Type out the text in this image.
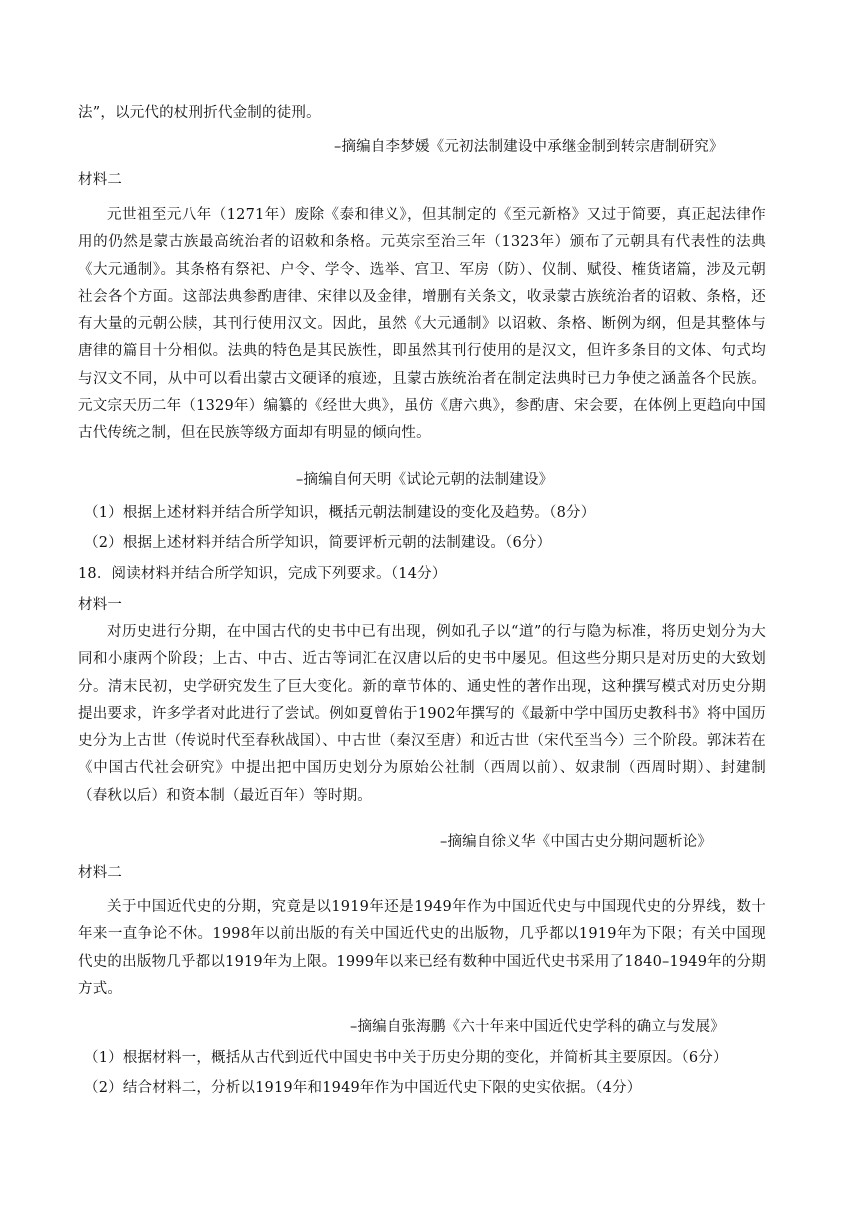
法”，以元代的杖刑折代金制的徒刑。
–摘编自李梦媛《元初法制建设中承继金制到转宗唐制研究》
材料二
元世祖至元八年（1271年）废除《泰和律义》，但其制定的《至元新格》又过于简要，真正起法律作用的仍然是蒙古族最高统治者的诏敕和条格。元英宗至治三年（1323年）颁布了元朝具有代表性的法典《大元通制》。其条格有祭祀、户令、学令、选举、宫卫、军房（防）、仪制、赋役、榷货诸篇，涉及元朝社会各个方面。这部法典参酌唐律、宋律以及金律，增删有关条文，收录蒙古族统治者的诏敕、条格，还有大量的元朝公牍，其刊行使用汉文。因此，虽然《大元通制》以诏敕、条格、断例为纲，但是其整体与唐律的篇目十分相似。法典的特色是其民族性，即虽然其刊行使用的是汉文，但许多条目的文体、句式均与汉文不同，从中可以看出蒙古文硬译的痕迹，且蒙古族统治者在制定法典时已力争使之涵盖各个民族。元文宗天历二年（1329年）编纂的《经世大典》，虽仿《唐六典》，参酌唐、宋会要，在体例上更趋向中国古代传统之制，但在民族等级方面却有明显的倾向性。
–摘编自何天明《试论元朝的法制建设》
（1）根据上述材料并结合所学知识，概括元朝法制建设的变化及趋势。（8分）
（2）根据上述材料并结合所学知识，简要评析元朝的法制建设。（6分）
18．阅读材料并结合所学知识，完成下列要求。（14分）
材料一
对历史进行分期，在中国古代的史书中已有出现，例如孔子以“道”的行与隐为标准，将历史划分为大同和小康两个阶段；上古、中古、近古等词汇在汉唐以后的史书中屡见。但这些分期只是对历史的大致划分。清末民初，史学研究发生了巨大变化。新的章节体的、通史性的著作出现，这种撰写模式对历史分期提出要求，许多学者对此进行了尝试。例如夏曾佑于1902年撰写的《最新中学中国历史教科书》将中国历史分为上古世（传说时代至春秋战国）、中古世（秦汉至唐）和近古世（宋代至当今）三个阶段。郭沫若在《中国古代社会研究》中提出把中国历史划分为原始公社制（西周以前）、奴隶制（西周时期）、封建制（春秋以后）和资本制（最近百年）等时期。
–摘编自徐义华《中国古史分期问题析论》
材料二
关于中国近代史的分期，究竟是以1919年还是1949年作为中国近代史与中国现代史的分界线，数十年来一直争论不休。1998年以前出版的有关中国近代史的出版物，几乎都以1919年为下限；有关中国现代史的出版物几乎都以1919年为上限。1999年以来已经有数种中国近代史书采用了1840–1949年的分期方式。
–摘编自张海鹏《六十年来中国近代史学科的确立与发展》
（1）根据材料一，概括从古代到近代中国史书中关于历史分期的变化，并简析其主要原因。（6分）
（2）结合材料二，分析以1919年和1949年作为中国近代史下限的史实依据。（4分）
